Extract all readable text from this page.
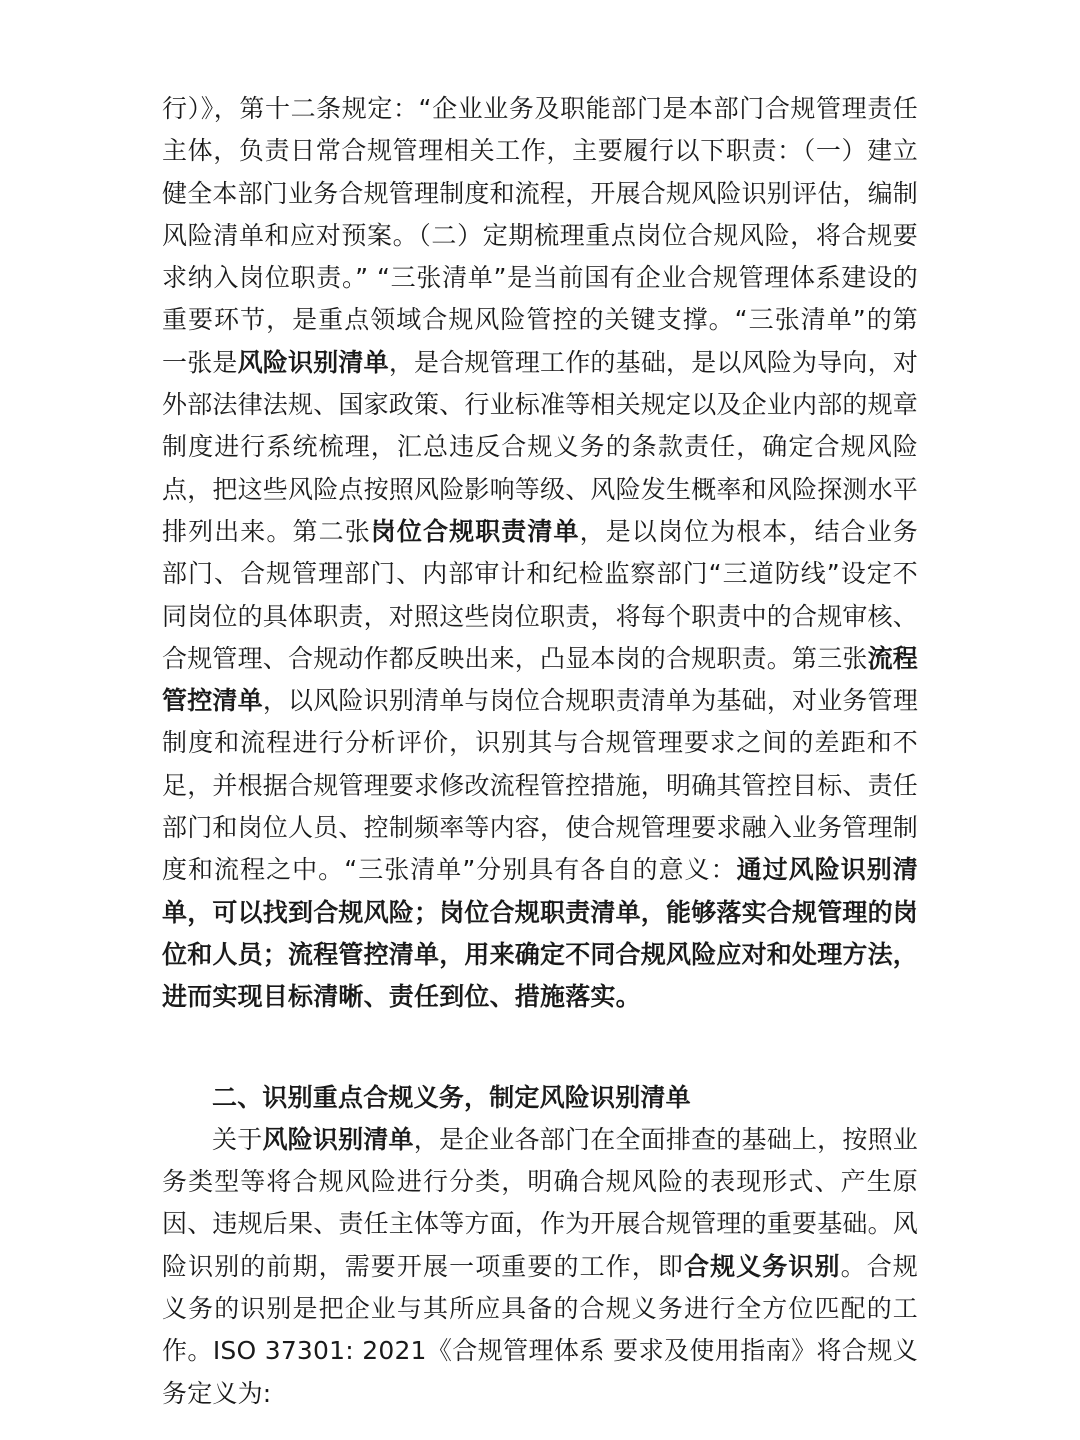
行）》，第十二条规定：“企业业务及职能部门是本部门合规管理责任主体，负责日常合规管理相关工作，主要履行以下职责：（一）建立健全本部门业务合规管理制度和流程，开展合规风险识别评估，编制风险清单和应对预案。（二）定期梳理重点岗位合规风险，将合规要求纳入岗位职责。” “三张清单”是当前国有企业合规管理体系建设的重要环节，是重点领域合规风险管控的关键支撑。“三张清单”的第一张是风险识别清单，是合规管理工作的基础，是以风险为导向，对外部法律法规、国家政策、行业标准等相关规定以及企业内部的规章制度进行系统梳理，汇总违反合规义务的条款责任，确定合规风险点，把这些风险点按照风险影响等级、风险发生概率和风险探测水平排列出来。第二张岗位合规职责清单，是以岗位为根本，结合业务部门、合规管理部门、内部审计和纪检监察部门“三道防线”设定不同岗位的具体职责，对照这些岗位职责，将每个职责中的合规审核、合规管理、合规动作都反映出来，凸显本岗的合规职责。第三张流程管控清单，以风险识别清单与岗位合规职责清单为基础，对业务管理制度和流程进行分析评价，识别其与合规管理要求之间的差距和不足，并根据合规管理要求修改流程管控措施，明确其管控目标、责任部门和岗位人员、控制频率等内容，使合规管理要求融入业务管理制度和流程之中。“三张清单”分别具有各自的意义：通过风险识别清单，可以找到合规风险；岗位合规职责清单，能够落实合规管理的岗位和人员；流程管控清单，用来确定不同合规风险应对和处理方法，进而实现目标清晰、责任到位、措施落实。

二、识别重点合规义务，制定风险识别清单

关于风险识别清单，是企业各部门在全面排查的基础上，按照业务类型等将合规风险进行分类，明确合规风险的表现形式、产生原因、违规后果、责任主体等方面，作为开展合规管理的重要基础。风险识别的前期，需要开展一项重要的工作，即合规义务识别。合规义务的识别是把企业与其所应具备的合规义务进行全方位匹配的工作。ISO 37301: 2021《合规管理体系 要求及使用指南》将合规义务定义为:
